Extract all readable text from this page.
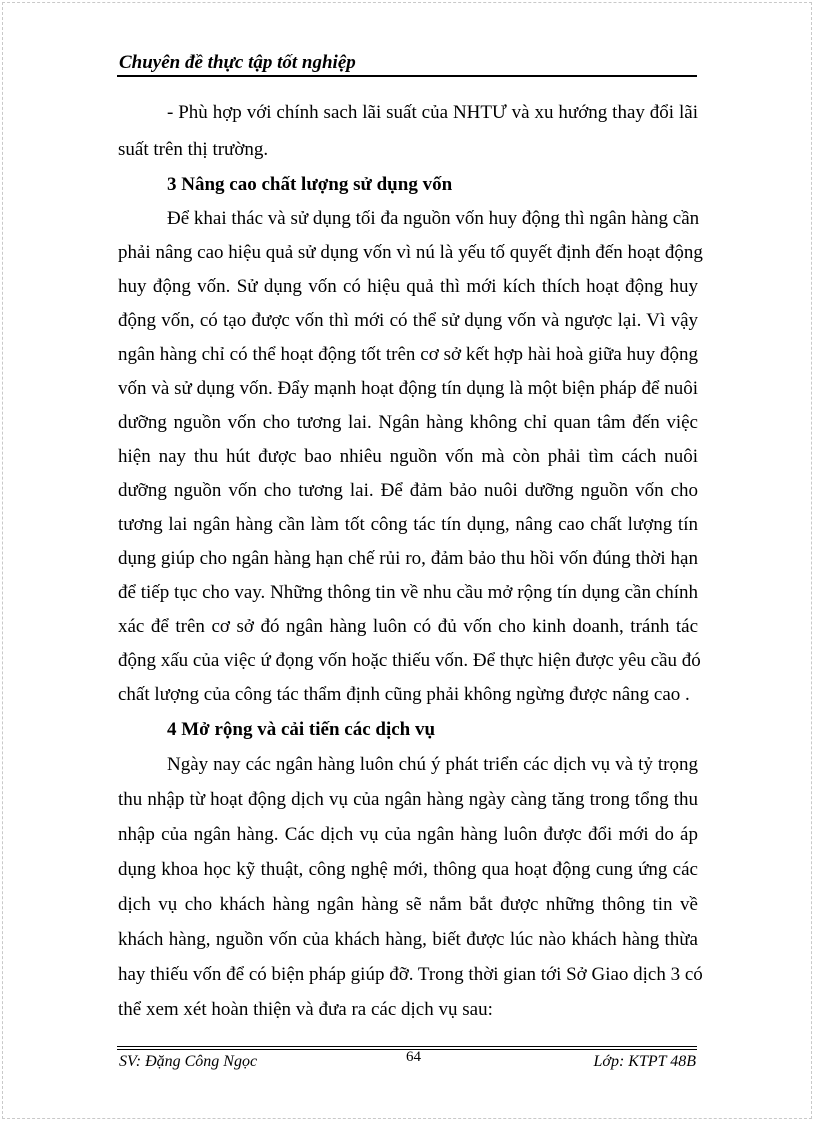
Chuyên đề thực tập tốt nghiệp
- Phù hợp với chính sach lãi suất của NHTƯ và xu hướng thay đổi lãi
suất trên thị trường.
3 Nâng cao chất lượng sử dụng vốn
Để khai thác và sử dụng tối đa nguồn vốn huy động thì ngân hàng cần
phải nâng cao hiệu quả sử dụng vốn vì nú là yếu tố quyết định đến hoạt động
huy động vốn. Sử dụng vốn có hiệu quả thì mới kích thích hoạt động huy
động vốn, có tạo được vốn thì mới có thể sử dụng vốn và ngược lại. Vì vậy
ngân hàng chỉ có thể hoạt động tốt trên cơ sở kết hợp hài hoà giữa huy động
vốn và sử dụng vốn. Đẩy mạnh hoạt động tín dụng là một biện pháp để nuôi
dưỡng nguồn vốn cho tương lai. Ngân hàng không chỉ quan tâm đến việc
hiện nay thu hút được bao nhiêu nguồn vốn mà còn phải tìm cách nuôi
dưỡng nguồn vốn cho tương lai. Để đảm bảo nuôi dưỡng nguồn vốn cho
tương lai ngân hàng cần làm tốt công tác tín dụng, nâng cao chất lượng tín
dụng giúp cho ngân hàng hạn chế rủi ro, đảm bảo thu hồi vốn đúng thời hạn
để tiếp tục cho vay. Những thông tin về nhu cầu mở rộng tín dụng cần chính
xác để trên cơ sở đó ngân hàng luôn có đủ vốn cho kinh doanh, tránh tác
động xấu của việc ứ đọng vốn hoặc thiếu vốn. Để thực hiện được yêu cầu đó
chất lượng của công tác thẩm định cũng phải không ngừng được nâng cao .
4 Mở rộng và cải tiến các dịch vụ
Ngày nay các ngân hàng luôn chú ý phát triển các dịch vụ và tỷ trọng
thu nhập từ hoạt động dịch vụ của ngân hàng ngày càng tăng trong tổng thu
nhập của ngân hàng. Các dịch vụ của ngân hàng luôn được đổi mới do áp
dụng khoa học kỹ thuật, công nghệ mới, thông qua hoạt động cung ứng các
dịch vụ cho khách hàng ngân hàng sẽ nắm bắt được những thông tin về
khách hàng, nguồn vốn của khách hàng, biết được lúc nào khách hàng thừa
hay thiếu vốn để có biện pháp giúp đỡ. Trong thời gian tới Sở Giao dịch 3 có
thể xem xét hoàn thiện và đưa ra các dịch vụ sau:
SV: Đặng Công Ngọc	64	Lớp: KTPT 48B
